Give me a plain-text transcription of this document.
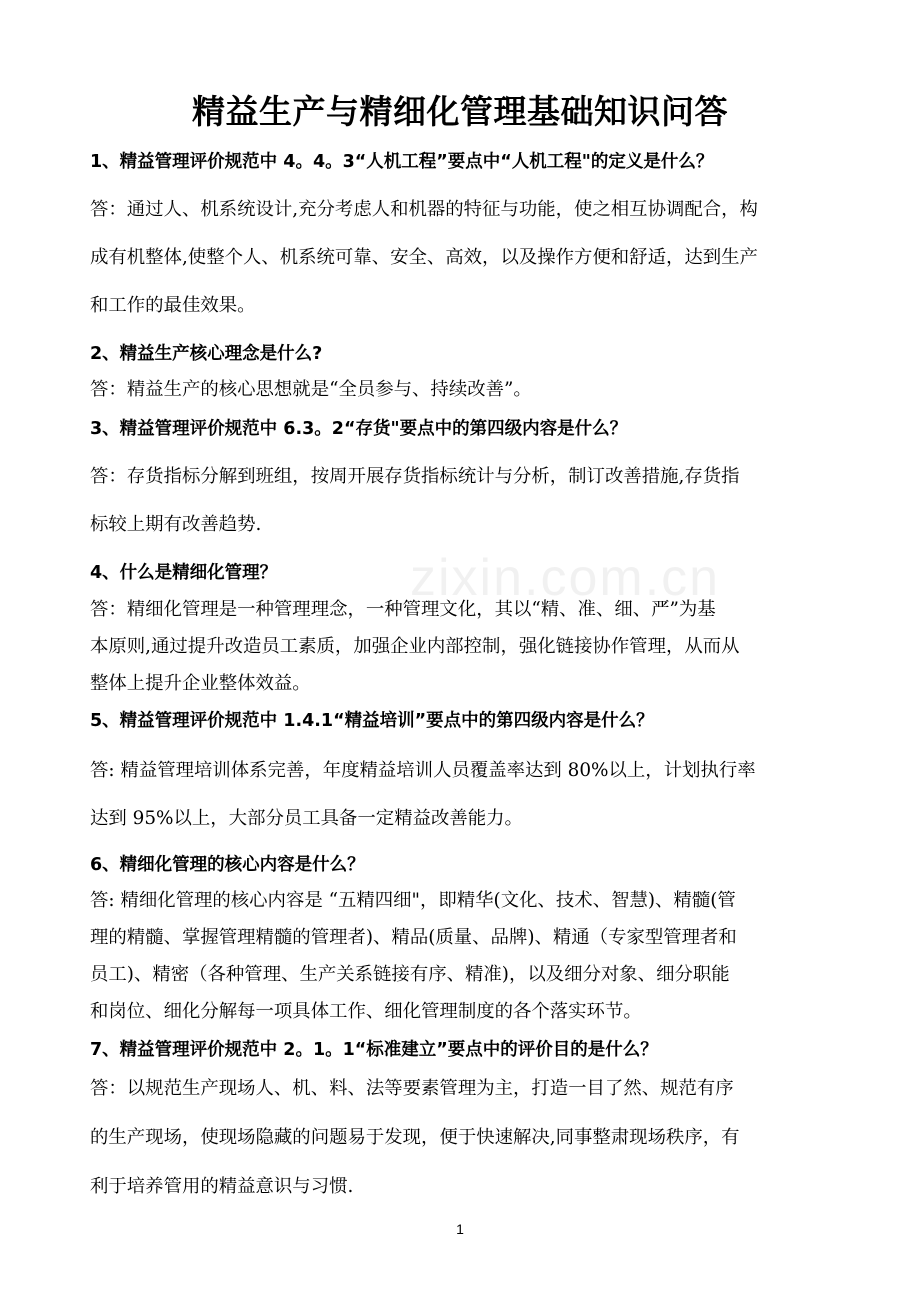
zixin.com.cn
精益生产与精细化管理基础知识问答
1、精益管理评价规范中 4。4。3“人机工程”要点中“人机工程"的定义是什么？
答：通过人、机系统设计,充分考虑人和机器的特征与功能，使之相互协调配合，构
成有机整体,使整个人、机系统可靠、安全、高效，以及操作方便和舒适，达到生产
和工作的最佳效果。
2、精益生产核心理念是什么?
答：精益生产的核心思想就是“全员参与、持续改善”。
3、精益管理评价规范中 6.3。2“存货"要点中的第四级内容是什么？
答：存货指标分解到班组，按周开展存货指标统计与分析，制订改善措施,存货指
标较上期有改善趋势.
4、什么是精细化管理？
答：精细化管理是一种管理理念，一种管理文化，其以“精、准、细、严”为基
本原则,通过提升改造员工素质，加强企业内部控制，强化链接协作管理，从而从
整体上提升企业整体效益。
5、精益管理评价规范中 1.4.1“精益培训”要点中的第四级内容是什么？
答: 精益管理培训体系完善，年度精益培训人员覆盖率达到 80%以上，计划执行率
达到 95%以上，大部分员工具备一定精益改善能力。
6、精细化管理的核心内容是什么？
答: 精细化管理的核心内容是 “五精四细"，即精华(文化、技术、智慧)、精髓(管
理的精髓、掌握管理精髓的管理者)、精品(质量、品牌)、精通（专家型管理者和
员工)、精密（各种管理、生产关系链接有序、精准)，以及细分对象、细分职能
和岗位、细化分解每一项具体工作、细化管理制度的各个落实环节。
7、精益管理评价规范中 2。1。1“标准建立”要点中的评价目的是什么？
答：以规范生产现场人、机、料、法等要素管理为主，打造一目了然、规范有序
的生产现场，使现场隐藏的问题易于发现，便于快速解决,同事整肃现场秩序，有
利于培养管用的精益意识与习惯.
1
